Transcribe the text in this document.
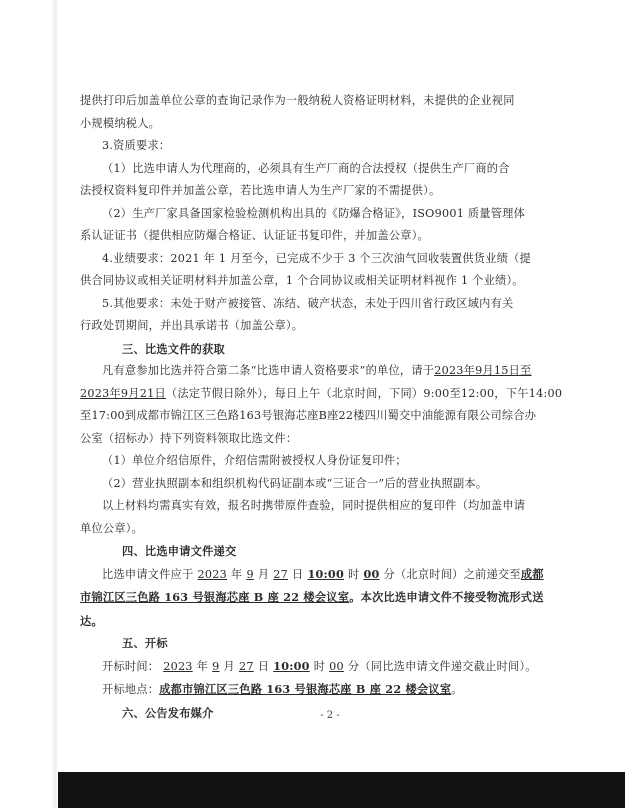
提供打印后加盖单位公章的查询记录作为一般纳税人资格证明材料，未提供的企业视同

小规模纳税人。

3.资质要求：

（1）比选申请人为代理商的，必须具有生产厂商的合法授权（提供生产厂商的合

法授权资料复印件并加盖公章，若比选申请人为生产厂家的不需提供）。

（2）生产厂家具备国家检验检测机构出具的《防爆合格证》，ISO9001 质量管理体

系认证证书（提供相应防爆合格证、认证证书复印件，并加盖公章）。

4.业绩要求：2021 年 1 月至今，已完成不少于 3 个三次油气回收装置供货业绩（提

供合同协议或相关证明材料并加盖公章，1 个合同协议或相关证明材料视作 1 个业绩）。

5.其他要求：未处于财产被接管、冻结、破产状态，未处于四川省行政区域内有关

行政处罚期间，并出具承诺书（加盖公章）。

三、比选文件的获取

凡有意参加比选并符合第二条“比选申请人资格要求”的单位，请于2023年9月15日至

2023年9月21日（法定节假日除外），每日上午（北京时间，下同）9:00至12:00，下午14:00

至17:00到成都市锦江区三色路163号银海芯座B座22楼四川蜀交中油能源有限公司综合办

公室（招标办）持下列资料领取比选文件：

（1）单位介绍信原件，介绍信需附被授权人身份证复印件；

（2）营业执照副本和组织机构代码证副本或“三证合一”后的营业执照副本。

以上材料均需真实有效，报名时携带原件查验，同时提供相应的复印件（均加盖申请

单位公章）。

四、比选申请文件递交

比选申请文件应于 2023 年 9 月 27 日 10:00 时 00 分（北京时间）之前递交至成都

市锦江区三色路 163 号银海芯座 B 座 22 楼会议室。本次比选申请文件不接受物流形式送

达。

五、开标

开标时间： 2023 年 9 月 27 日 10:00 时 00 分（同比选申请文件递交截止时间）。

开标地点：成都市锦江区三色路 163 号银海芯座 B 座 22 楼会议室。

六、公告发布媒介	- 2 -
